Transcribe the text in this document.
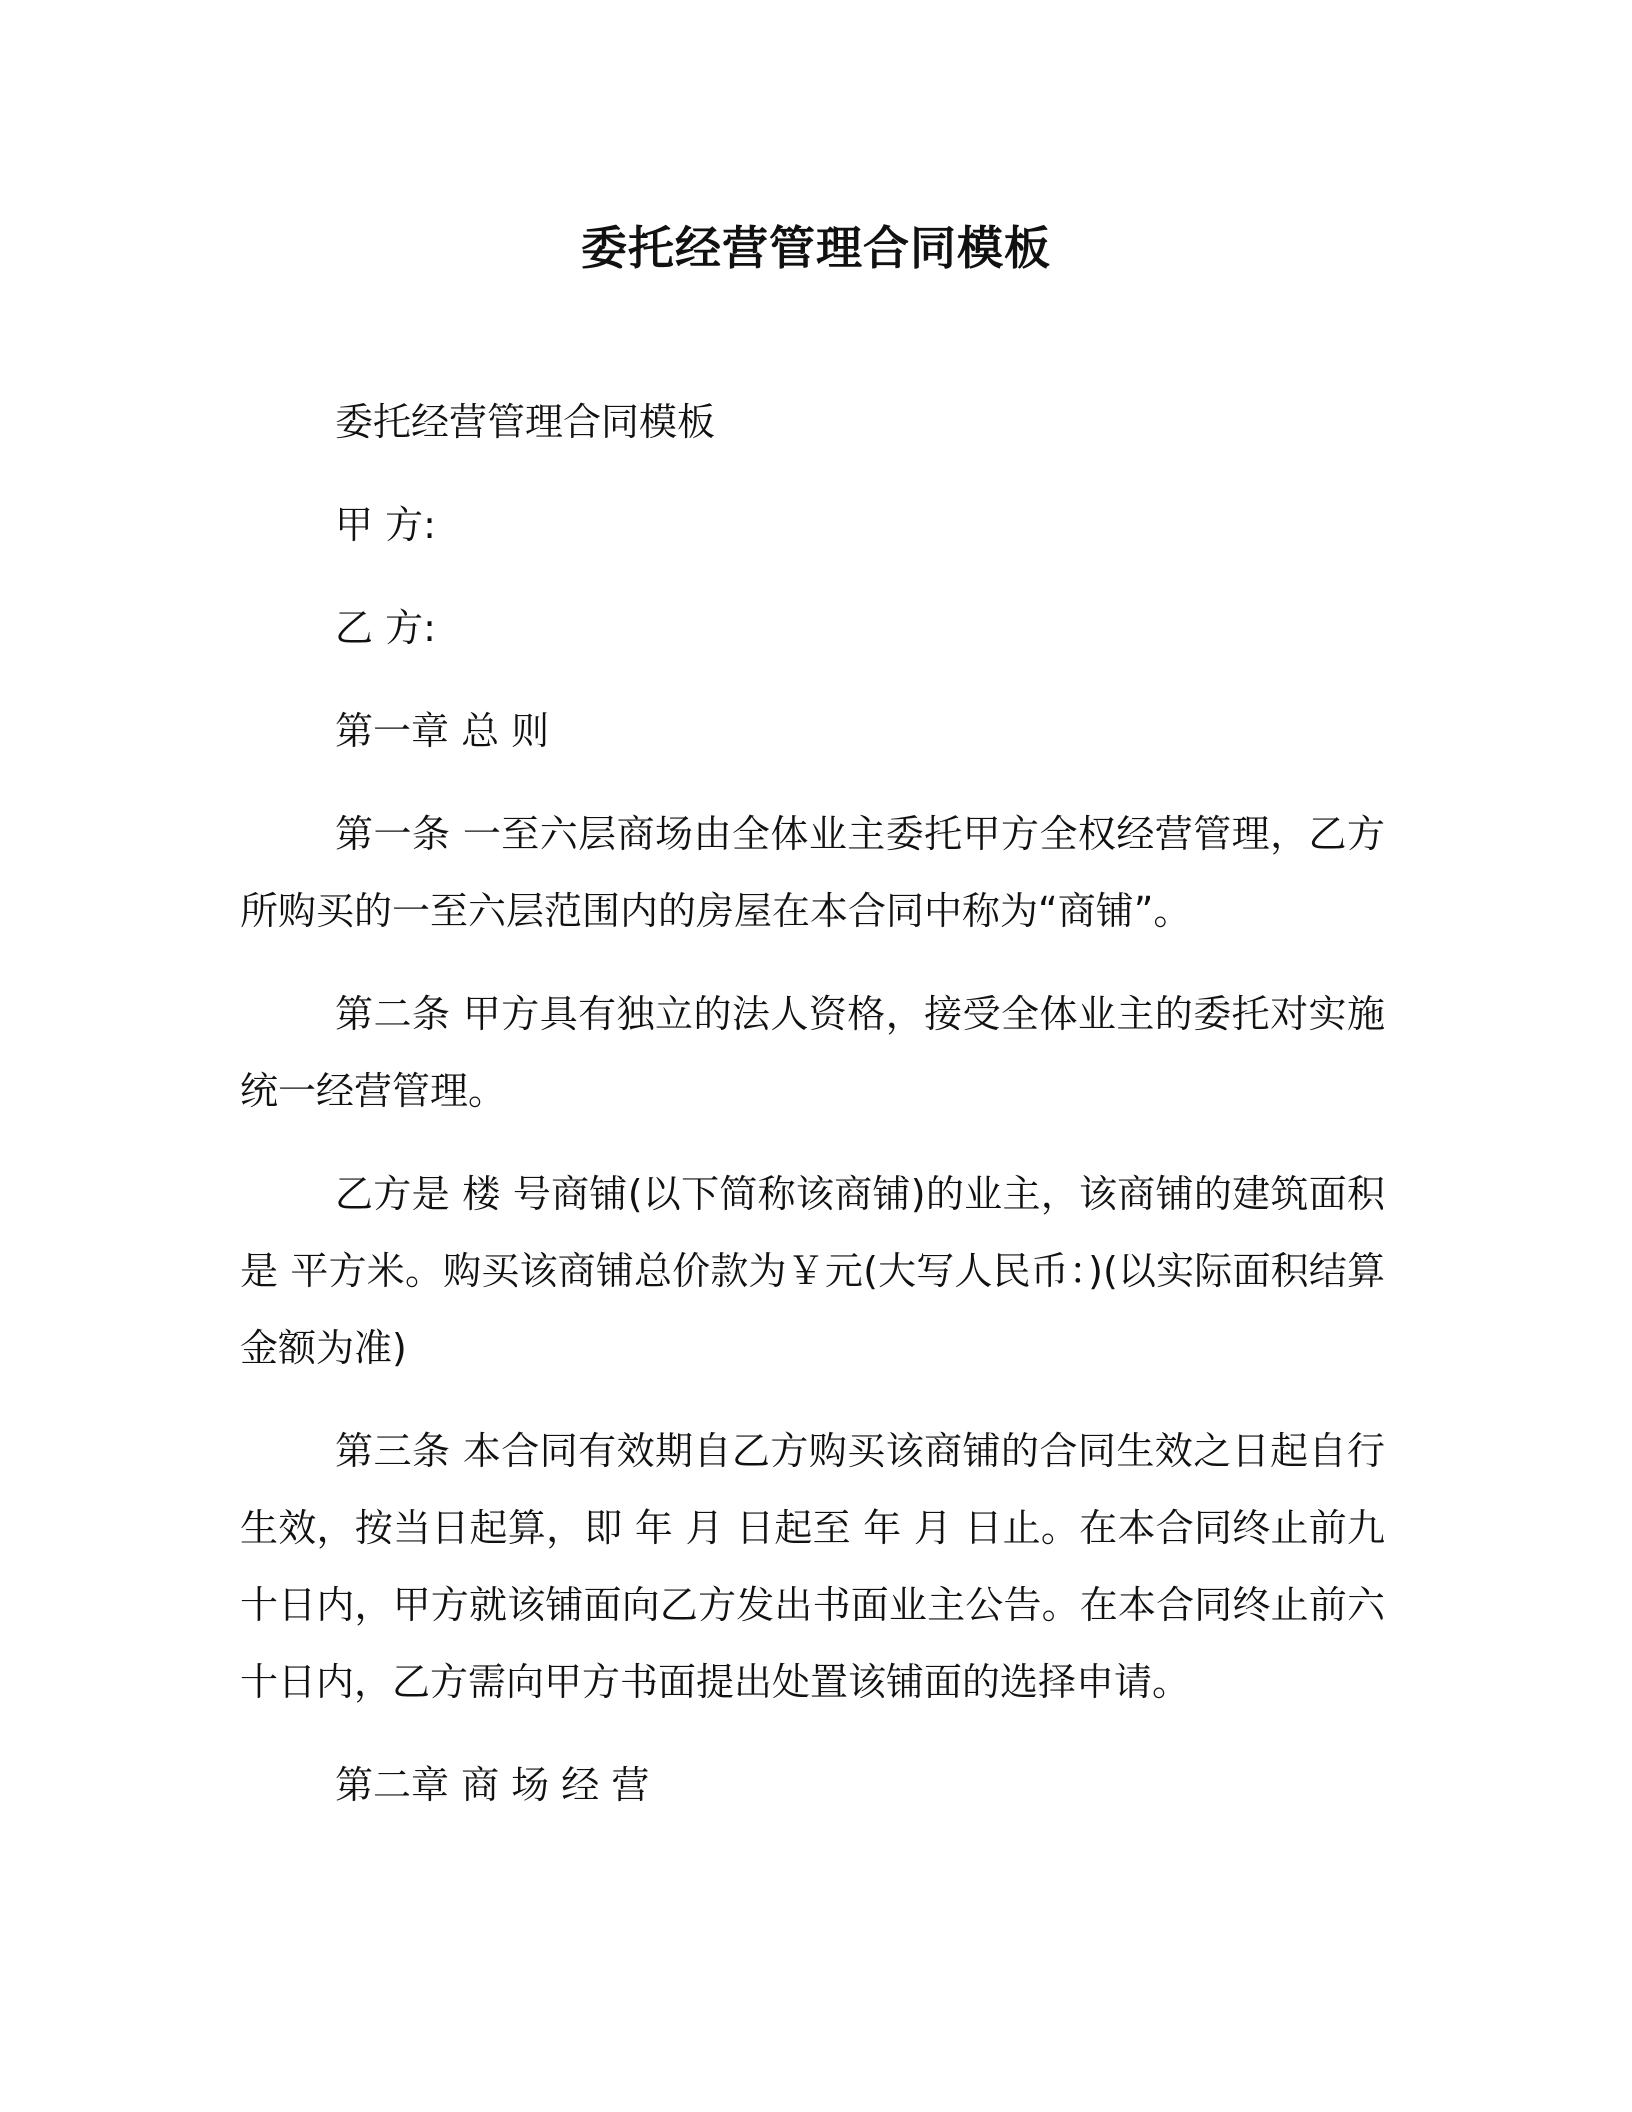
委托经营管理合同模板

委托经营管理合同模板

甲 方:

乙 方:

第一章 总 则

第一条 一至六层商场由全体业主委托甲方全权经营管理，乙方所购买的一至六层范围内的房屋在本合同中称为“商铺”。

第二条 甲方具有独立的法人资格，接受全体业主的委托对实施统一经营管理。

乙方是 楼 号商铺(以下简称该商铺)的业主，该商铺的建筑面积是 平方米。购买该商铺总价款为￥元(大写人民币：)(以实际面积结算金额为准)

第三条 本合同有效期自乙方购买该商铺的合同生效之日起自行生效，按当日起算，即 年 月 日起至 年 月 日止。在本合同终止前九十日内，甲方就该铺面向乙方发出书面业主公告。在本合同终止前六十日内，乙方需向甲方书面提出处置该铺面的选择申请。

第二章 商 场 经 营
